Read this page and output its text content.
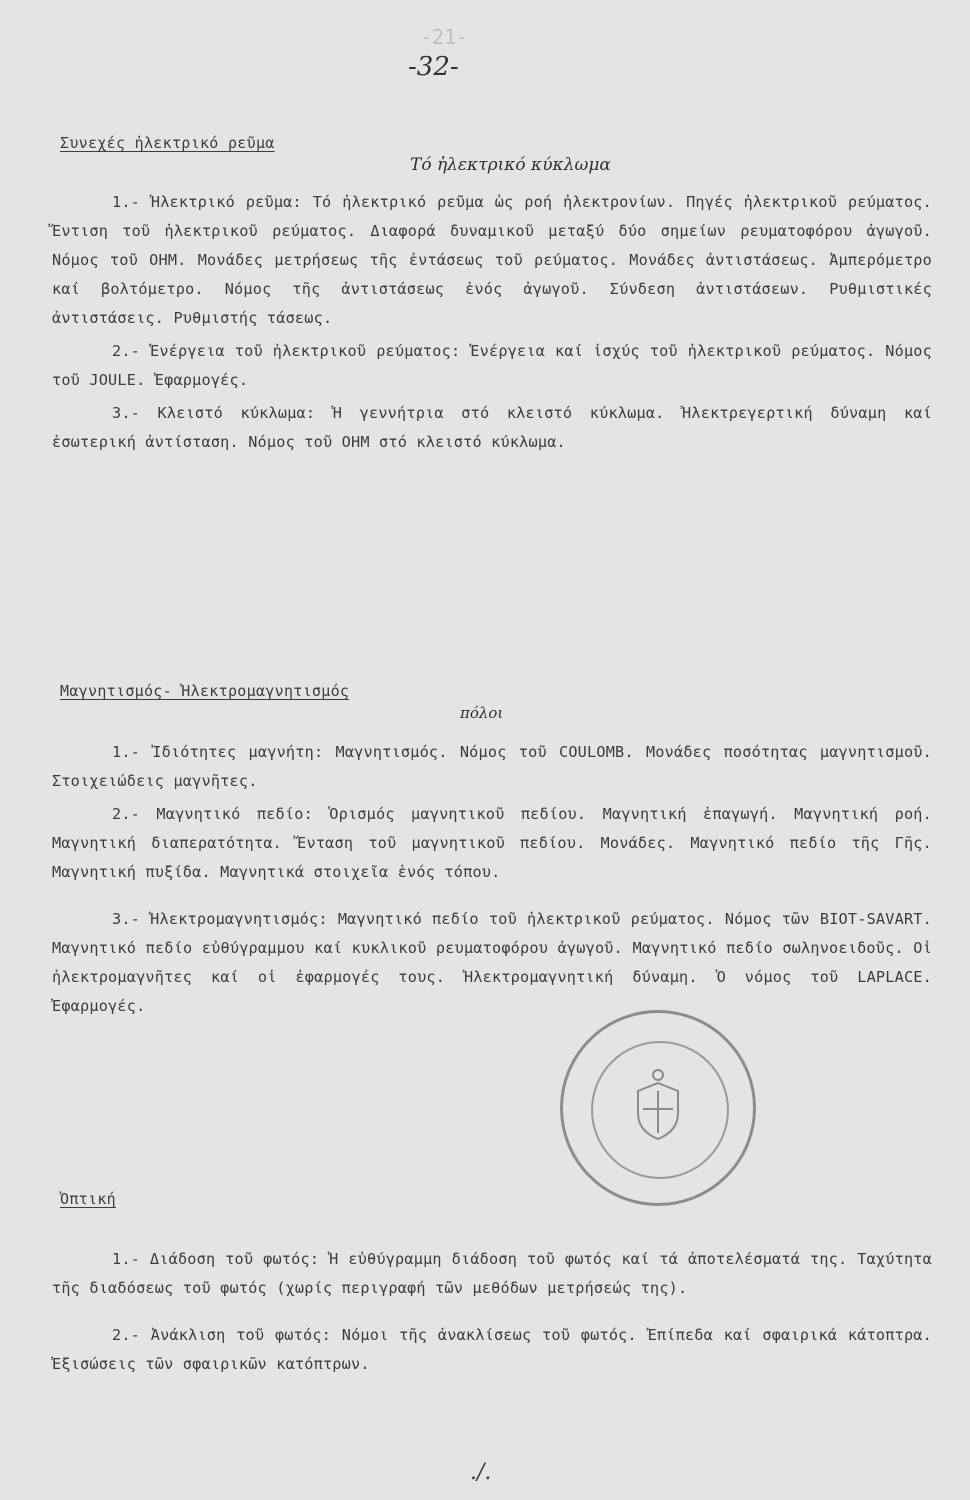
-21-
-32-
Συνεχές ἠλεκτρικό ρεῦμα
Τό ἠλεκτρικό κύκλωμα

1.- Ἠλεκτρικό ρεῦμα: Τό ἠλεκτρικό ρεῦμα ὡς ροή ἠλεκτρονίων. Πηγές ἠλεκτρικοῦ ρεύματος. Ἔντιση τοῦ ἠλεκτρικοῦ ρεύματος. Διαφορά δυναμικοῦ μεταξύ δύο σημείων ρευματοφόρου ἀγωγοῦ. Νόμος τοῦ OHM. Μονάδες μετρήσεως τῆς ἐντάσεως τοῦ ρεύματος. Μονάδες ἀντιστάσεως. Ἀμπερόμετρο καί βολτόμετρο. Νόμος τῆς ἀντιστάσεως ἑνός ἀγωγοῦ. Σύνδεση ἀντιστάσεων. Ρυθμιστικές ἀντιστάσεις. Ρυθμιστής τάσεως.

2.- Ἐνέργεια τοῦ ἠλεκτρικοῦ ρεύματος: Ἐνέργεια καί ἰσχύς τοῦ ἠλεκτρικοῦ ρεύματος. Νόμος τοῦ JOULE. Ἐφαρμογές.

3.- Κλειστό κύκλωμα: Ἡ γεννήτρια στό κλειστό κύκλωμα. Ἠλεκτρεγερτική δύναμη καί ἐσωτερική ἀντίσταση. Νόμος τοῦ OHM στό κλειστό κύκλωμα.

Μαγνητισμός- Ἠλεκτρομαγνητισμός
πόλοι

1.- Ἰδιότητες μαγνήτη: Μαγνητισμός. Νόμος τοῦ COULOMB. Μονάδες ποσότητας μαγνητισμοῦ. Στοιχειώδεις μαγνῆτες.

2.- Μαγνητικό πεδίο: Ὁρισμός μαγνητικοῦ πεδίου. Μαγνητική ἐπαγωγή. Μαγνητική ροή. Μαγνητική διαπερατότητα. Ἔνταση τοῦ μαγνητικοῦ πεδίου. Μονάδες. Μαγνητικό πεδίο τῆς Γῆς. Μαγνητική πυξίδα. Μαγνητικά στοιχεῖα ἑνός τόπου.

3.- Ἠλεκτρομαγνητισμός: Μαγνητικό πεδίο τοῦ ἠλεκτρικοῦ ρεύματος. Νόμος τῶν BIOT-SAVART. Μαγνητικό πεδίο εὐθύγραμμου καί κυκλικοῦ ρευματοφόρου ἀγωγοῦ. Μαγνητικό πεδίο σωληνοειδοῦς. Οἱ ἠλεκτρομαγνῆτες καί οἱ ἐφαρμογές τους. Ἠλεκτρομαγνητική δύναμη. Ὁ νόμος τοῦ LAPLACE. Ἐφαρμογές.

Ὀπτική

1.- Διάδοση τοῦ φωτός: Ἡ εὐθύγραμμη διάδοση τοῦ φωτός καί τά ἀποτελέσματά της. Ταχύτητα τῆς διαδόσεως τοῦ φωτός (χωρίς περιγραφή τῶν μεθόδων μετρήσεώς της).

2.- Ἀνάκλιση τοῦ φωτός: Νόμοι τῆς ἀνακλίσεως τοῦ φωτός. Ἐπίπεδα καί σφαιρικά κάτοπτρα. Ἐξισώσεις τῶν σφαιρικῶν κατόπτρων.

./.
